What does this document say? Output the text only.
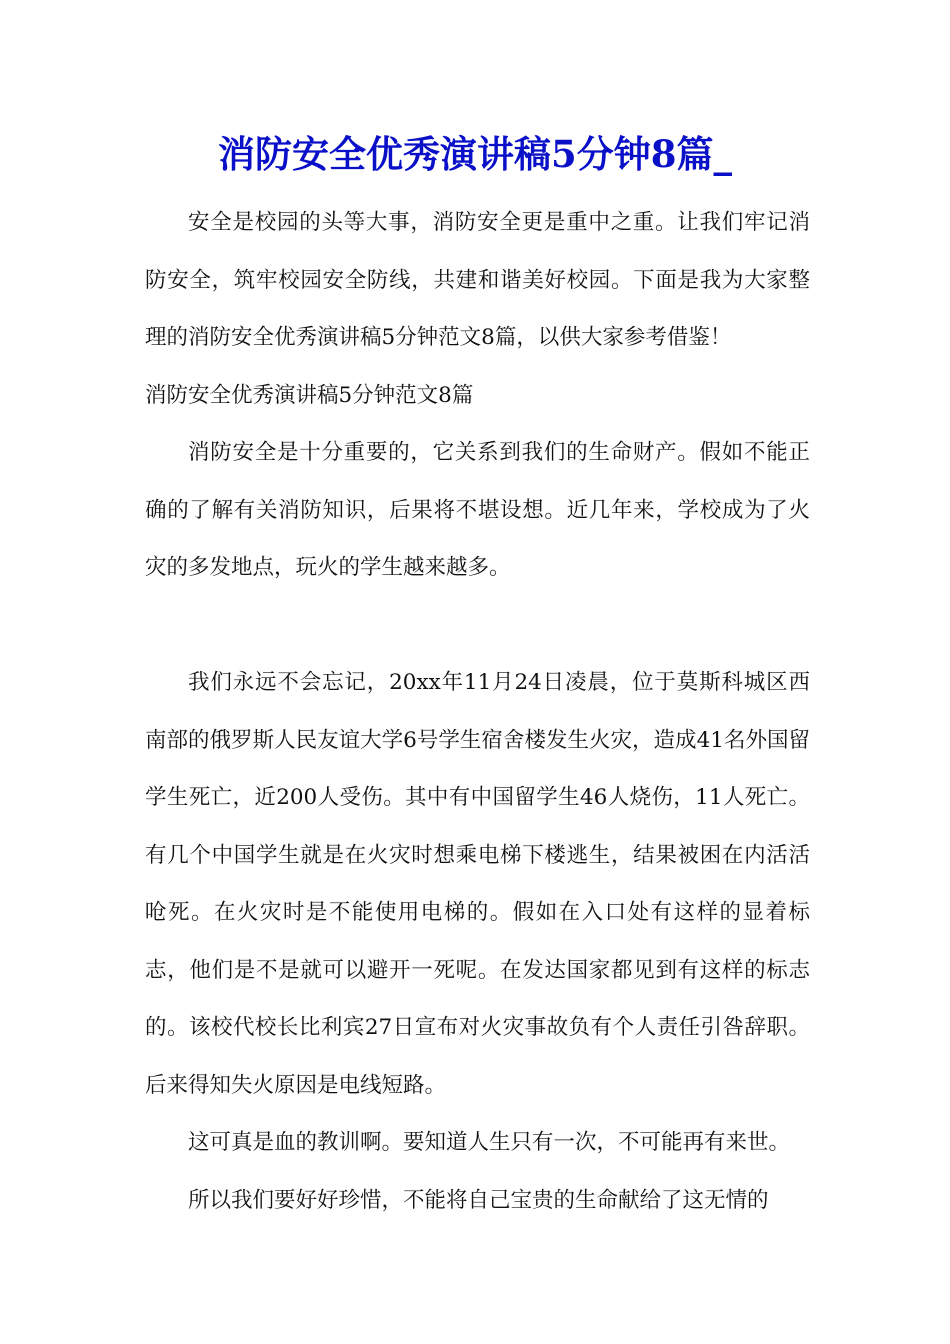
消防安全优秀演讲稿5分钟8篇_

安全是校园的头等大事，消防安全更是重中之重。让我们牢记消防安全，筑牢校园安全防线，共建和谐美好校园。下面是我为大家整理的消防安全优秀演讲稿5分钟范文8篇，以供大家参考借鉴！

消防安全优秀演讲稿5分钟范文8篇

消防安全是十分重要的，它关系到我们的生命财产。假如不能正确的了解有关消防知识，后果将不堪设想。近几年来，学校成为了火灾的多发地点，玩火的学生越来越多。

我们永远不会忘记，20xx年11月24日凌晨，位于莫斯科城区西南部的俄罗斯人民友谊大学6号学生宿舍楼发生火灾，造成41名外国留学生死亡，近200人受伤。其中有中国留学生46人烧伤，11人死亡。有几个中国学生就是在火灾时想乘电梯下楼逃生，结果被困在内活活呛死。在火灾时是不能使用电梯的。假如在入口处有这样的显着标志，他们是不是就可以避开一死呢。在发达国家都见到有这样的标志的。该校代校长比利宾27日宣布对火灾事故负有个人责任引咎辞职。后来得知失火原因是电线短路。

这可真是血的教训啊。要知道人生只有一次，不可能再有来世。

所以我们要好好珍惜，不能将自己宝贵的生命献给了这无情的
